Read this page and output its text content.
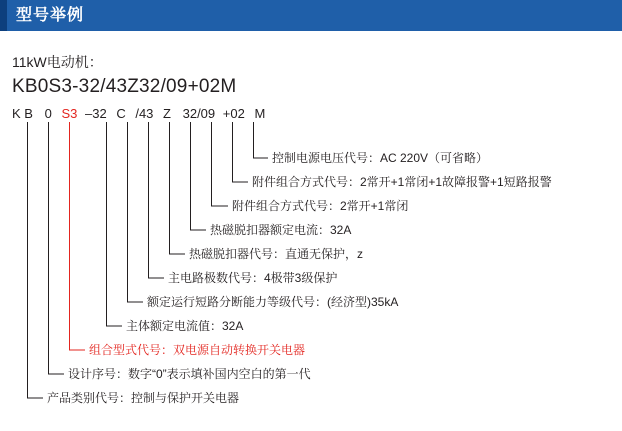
型号举例
11kW电动机：
KB0S3-32/43Z32/09+02M
K B 0 S3 –32 C /43 Z 32/09 +02 M
控制电源电压代号：AC 220V（可省略）
附件组合方式代号：2常开+1常闭+1故障报警+1短路报警
附件组合方式代号：2常开+1常闭
热磁脱扣器额定电流：32A
热磁脱扣器代号：直通无保护，z
主电路极数代号：4极带3级保护
额定运行短路分断能力等级代号：(经济型)35kA
主体额定电流值：32A
组合型式代号：双电源自动转换开关电器
设计序号：数字“0”表示填补国内空白的第一代
产品类别代号：控制与保护开关电器
